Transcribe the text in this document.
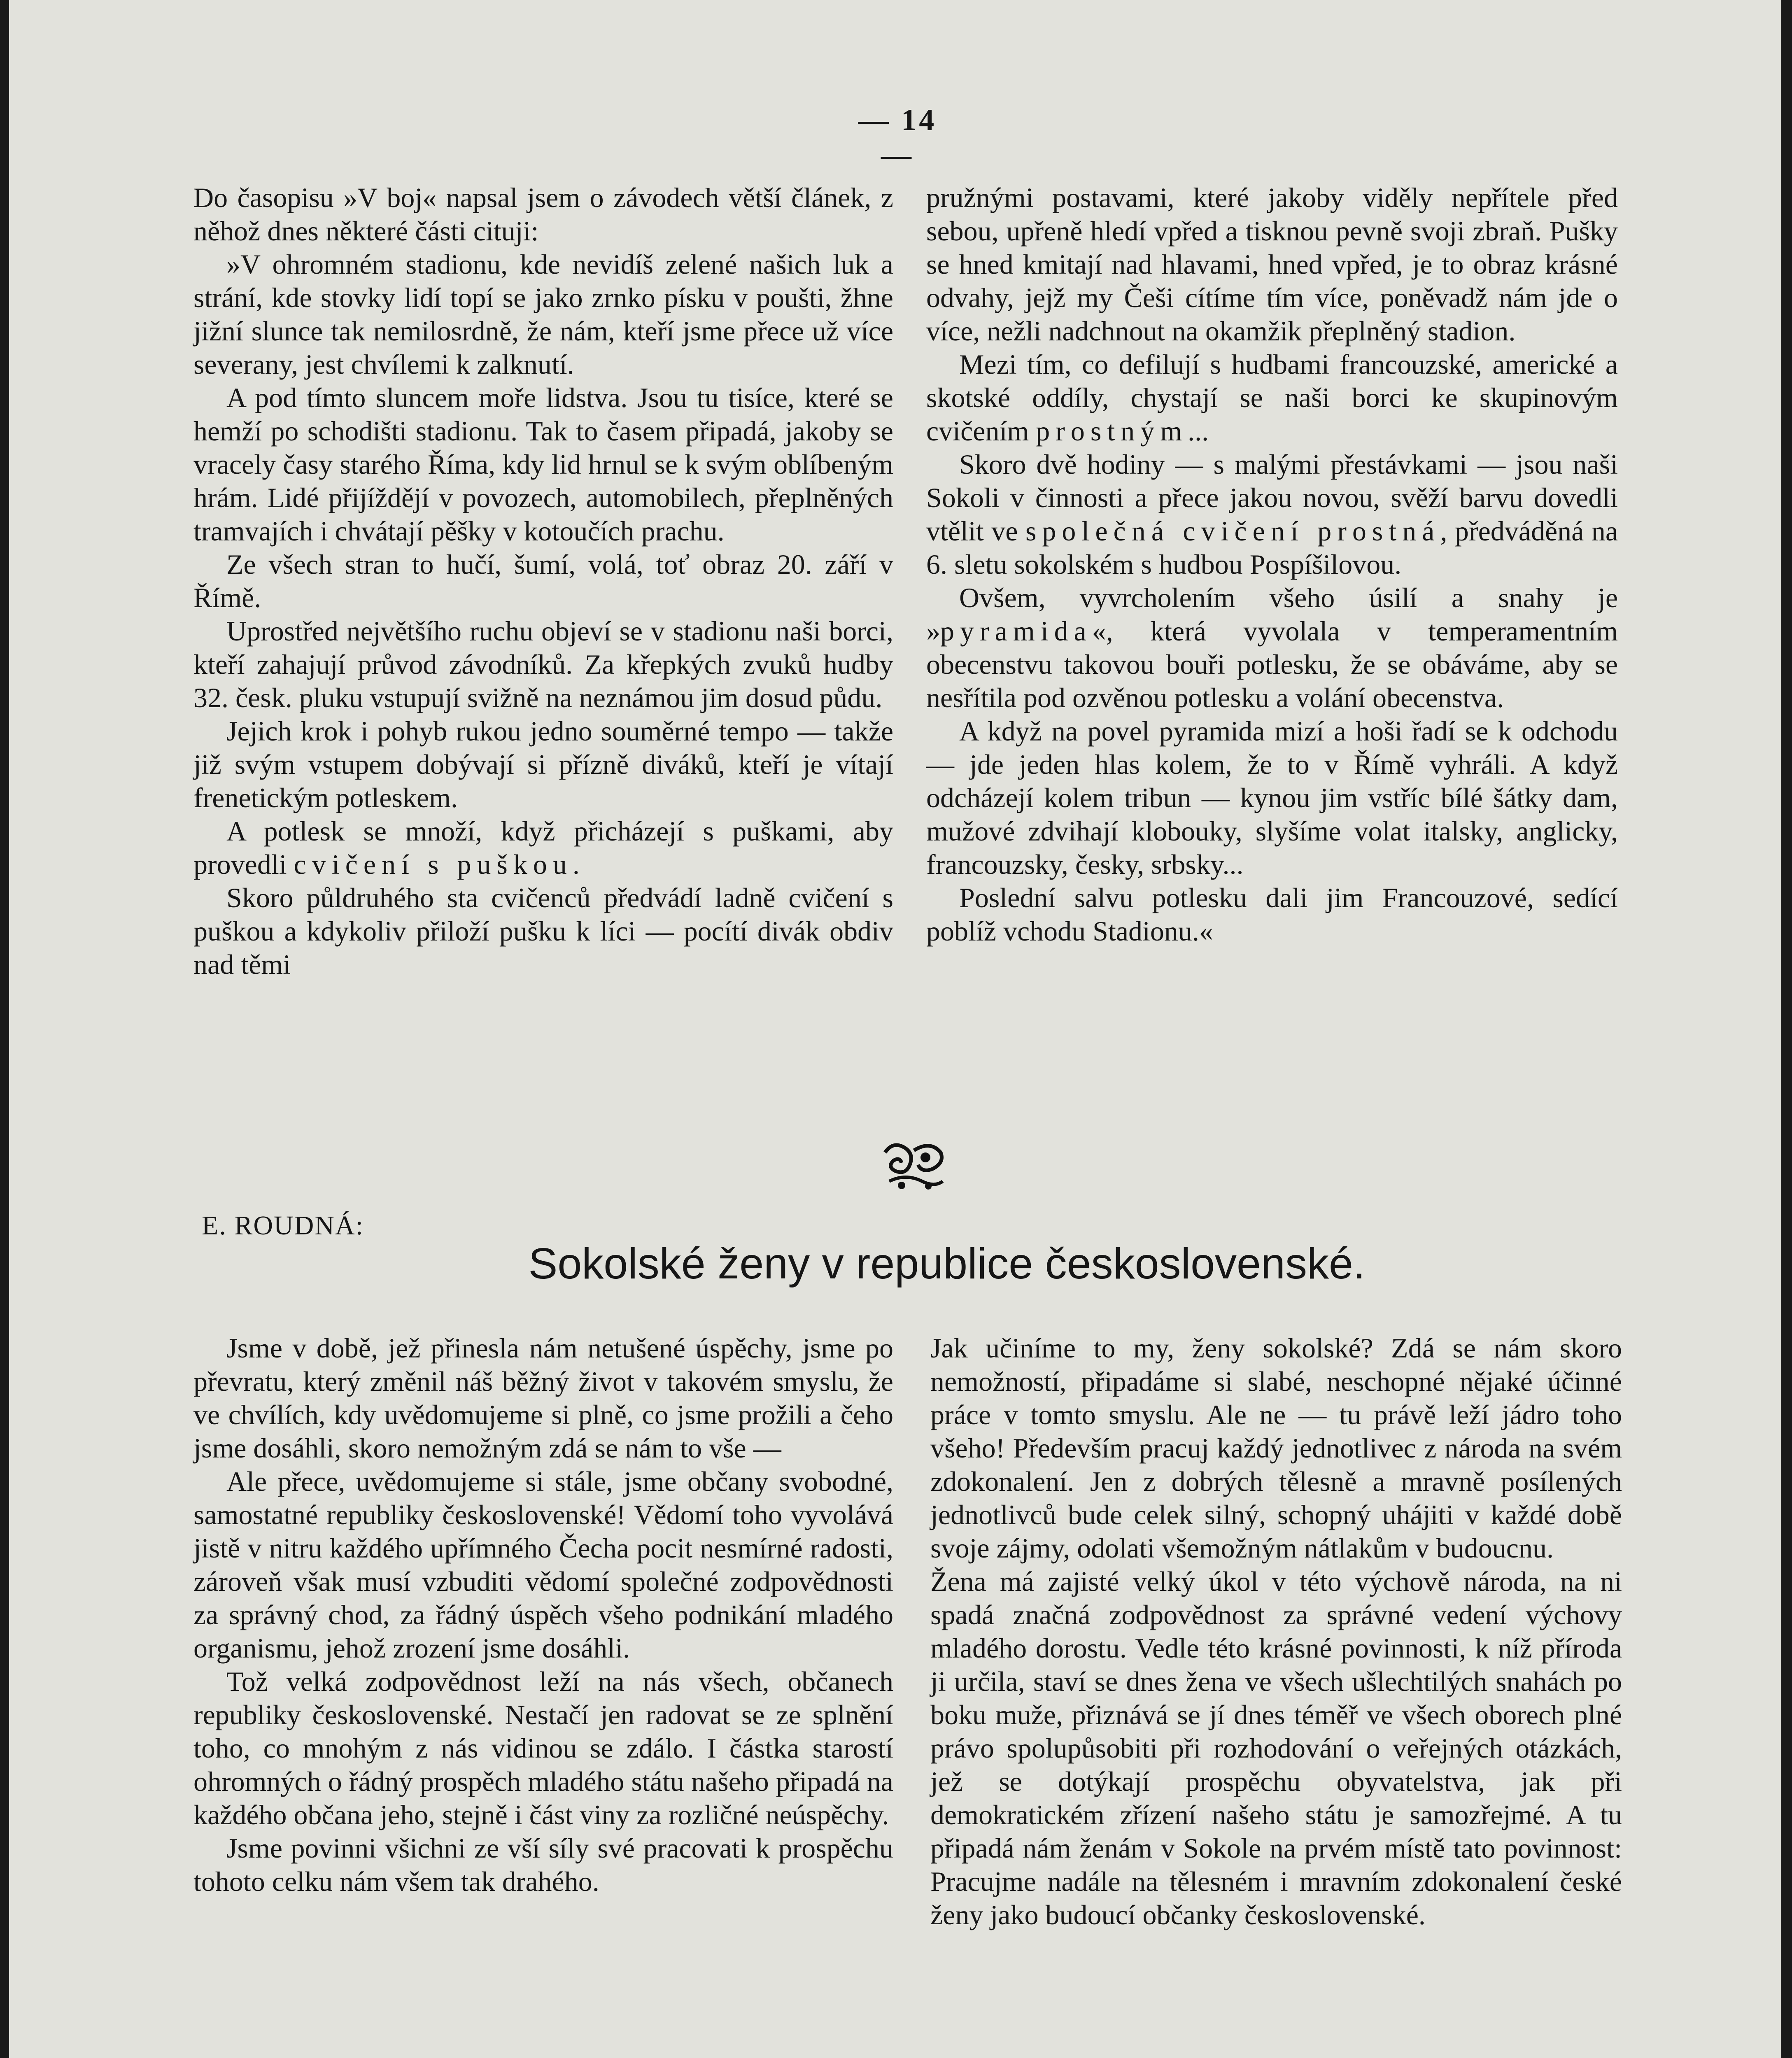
— 14 —

Do časopisu »V boj« napsal jsem o závodech větší článek, z něhož dnes některé části cituji:

»V ohromném stadionu, kde nevidíš zelené našich luk a strání, kde stovky lidí topí se jako zrnko písku v poušti, žhne jižní slunce tak nemilosrdně, že nám, kteří jsme přece už více severany, jest chvílemi k zalknutí.

A pod tímto sluncem moře lidstva. Jsou tu tisíce, které se hemží po schodišti stadionu. Tak to časem připadá, jakoby se vracely časy starého Říma, kdy lid hrnul se k svým oblíbeným hrám. Lidé přijíždějí v povozech, automobilech, přeplněných tramvajích i chvátají pěšky v kotoučích prachu.

Ze všech stran to hučí, šumí, volá, toť obraz 20. září v Římě.

Uprostřed největšího ruchu objeví se v stadionu naši borci, kteří zahajují průvod závodníků. Za křepkých zvuků hudby 32. česk. pluku vstupují svižně na neznámou jim dosud půdu.

Jejich krok i pohyb rukou jedno souměrné tempo — takže již svým vstupem dobývají si přízně diváků, kteří je vítají frenetickým potleskem.

A potlesk se množí, když přicházejí s puškami, aby provedli cvičení s puškou.

Skoro půldruhého sta cvičenců předvádí ladně cvičení s puškou a kdykoliv přiloží pušku k líci — pocítí divák obdiv nad těmi

pružnými postavami, které jakoby viděly nepřítele před sebou, upřeně hledí vpřed a tisknou pevně svoji zbraň. Pušky se hned kmitají nad hlavami, hned vpřed, je to obraz krásné odvahy, jejž my Češi cítíme tím více, poněvadž nám jde o více, nežli nadchnout na okamžik přeplněný stadion.

Mezi tím, co defilují s hudbami francouzské, americké a skotské oddíly, chystají se naši borci ke skupinovým cvičením prostným...

Skoro dvě hodiny — s malými přestávkami — jsou naši Sokoli v činnosti a přece jakou novou, svěží barvu dovedli vtělit ve společná cvičení prostná, předváděná na 6. sletu sokolském s hudbou Pospíšilovou.

Ovšem, vyvrcholením všeho úsilí a snahy je »pyramida«, která vyvolala v temperamentním obecenstvu takovou bouři potlesku, že se obáváme, aby se nesřítila pod ozvěnou potlesku a volání obecenstva.

A když na povel pyramida mizí a hoši řadí se k odchodu — jde jeden hlas kolem, že to v Římě vyhráli. A když odcházejí kolem tribun — kynou jim vstříc bílé šátky dam, mužové zdvihají klobouky, slyšíme volat italsky, anglicky, francouzsky, česky, srbsky...

Poslední salvu potlesku dali jim Francouzové, sedící poblíž vchodu Stadionu.«

E. ROUDNÁ:
Sokolské ženy v republice československé.

Jsme v době, jež přinesla nám netušené úspěchy, jsme po převratu, který změnil náš běžný život v takovém smyslu, že ve chvílích, kdy uvědomujeme si plně, co jsme prožili a čeho jsme dosáhli, skoro nemožným zdá se nám to vše —

Ale přece, uvědomujeme si stále, jsme občany svobodné, samostatné republiky československé! Vědomí toho vyvolává jistě v nitru každého upřímného Čecha pocit nesmírné radosti, zároveň však musí vzbuditi vědomí společné zodpovědnosti za správný chod, za řádný úspěch všeho podnikání mladého organismu, jehož zrození jsme dosáhli.

Tož velká zodpovědnost leží na nás všech, občanech republiky československé. Nestačí jen radovat se ze splnění toho, co mnohým z nás vidinou se zdálo. I částka starostí ohromných o řádný prospěch mladého státu našeho připadá na každého občana jeho, stejně i část viny za rozličné neúspěchy.

Jsme povinni všichni ze vší síly své pracovati k prospěchu tohoto celku nám všem tak drahého.

Jak učiníme to my, ženy sokolské? Zdá se nám skoro nemožností, připadáme si slabé, neschopné nějaké účinné práce v tomto smyslu. Ale ne — tu právě leží jádro toho všeho! Především pracuj každý jednotlivec z národa na svém zdokonalení. Jen z dobrých tělesně a mravně posílených jednotlivců bude celek silný, schopný uhájiti v každé době svoje zájmy, odolati všemožným nátlakům v budoucnu.

Žena má zajisté velký úkol v této výchově národa, na ni spadá značná zodpovědnost za správné vedení výchovy mladého dorostu. Vedle této krásné povinnosti, k níž příroda ji určila, staví se dnes žena ve všech ušlechtilých snahách po boku muže, přiznává se jí dnes téměř ve všech oborech plné právo spolupůsobiti při rozhodování o veřejných otázkách, jež se dotýkají prospěchu obyvatelstva, jak při demokratickém zřízení našeho státu je samozřejmé. A tu připadá nám ženám v Sokole na prvém místě tato povinnost: Pracujme nadále na tělesném i mravním zdokonalení české ženy jako budoucí občanky československé.
